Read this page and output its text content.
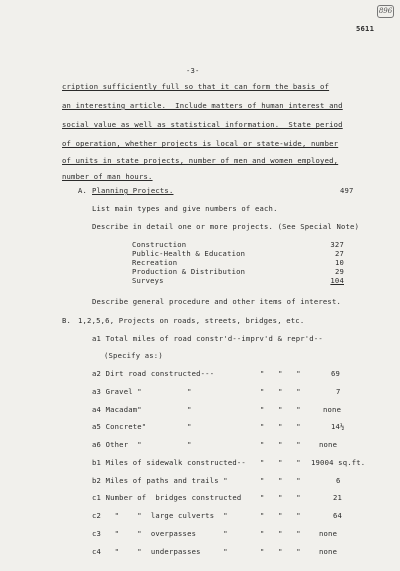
896
5611
-3-
cription sufficiently full so that it can form the basis of
an interesting article.  Include matters of human interest and
social value as well as statistical information.  State period
of operation, whether projects is local or state-wide, number
of units in state projects, number of men and women employed,
number of man hours.
A. Planning Projects.	497
List main types and give numbers of each.
Describe in detail one or more projects. (See Special Note)
Construction	327
Public-Health & Education	27
Recreation	10
Production & Distribution	29
Surveys	104
Describe general procedure and other items of interest.
B. 1,2,5,6, Projects on roads, streets, bridges, etc.
a1 Total miles of road constr'd--imprv'd & repr'd--
(Specify as:)
a2 Dirt road constructed---	"   "   "	69
a3 Gravel "          "	"   "   "	7
a4 Macadam"          "	"   "   "	none
a5 Concrete"         "	"   "   "	14½
a6 Other  "          "	"   "   "	none
b1 Miles of sidewalk constructed-- "   "   " 19004 sq.ft.
b2 Miles of paths and trails "	"   "   "	6
c1 Number of  bridges constructed	"   "   "	21
c2   "    "  large culverts  "	"   "   "	64
c3   "    "  overpasses      "	"   "   "	none
c4   "    "  underpasses     "	"   "   "	none
